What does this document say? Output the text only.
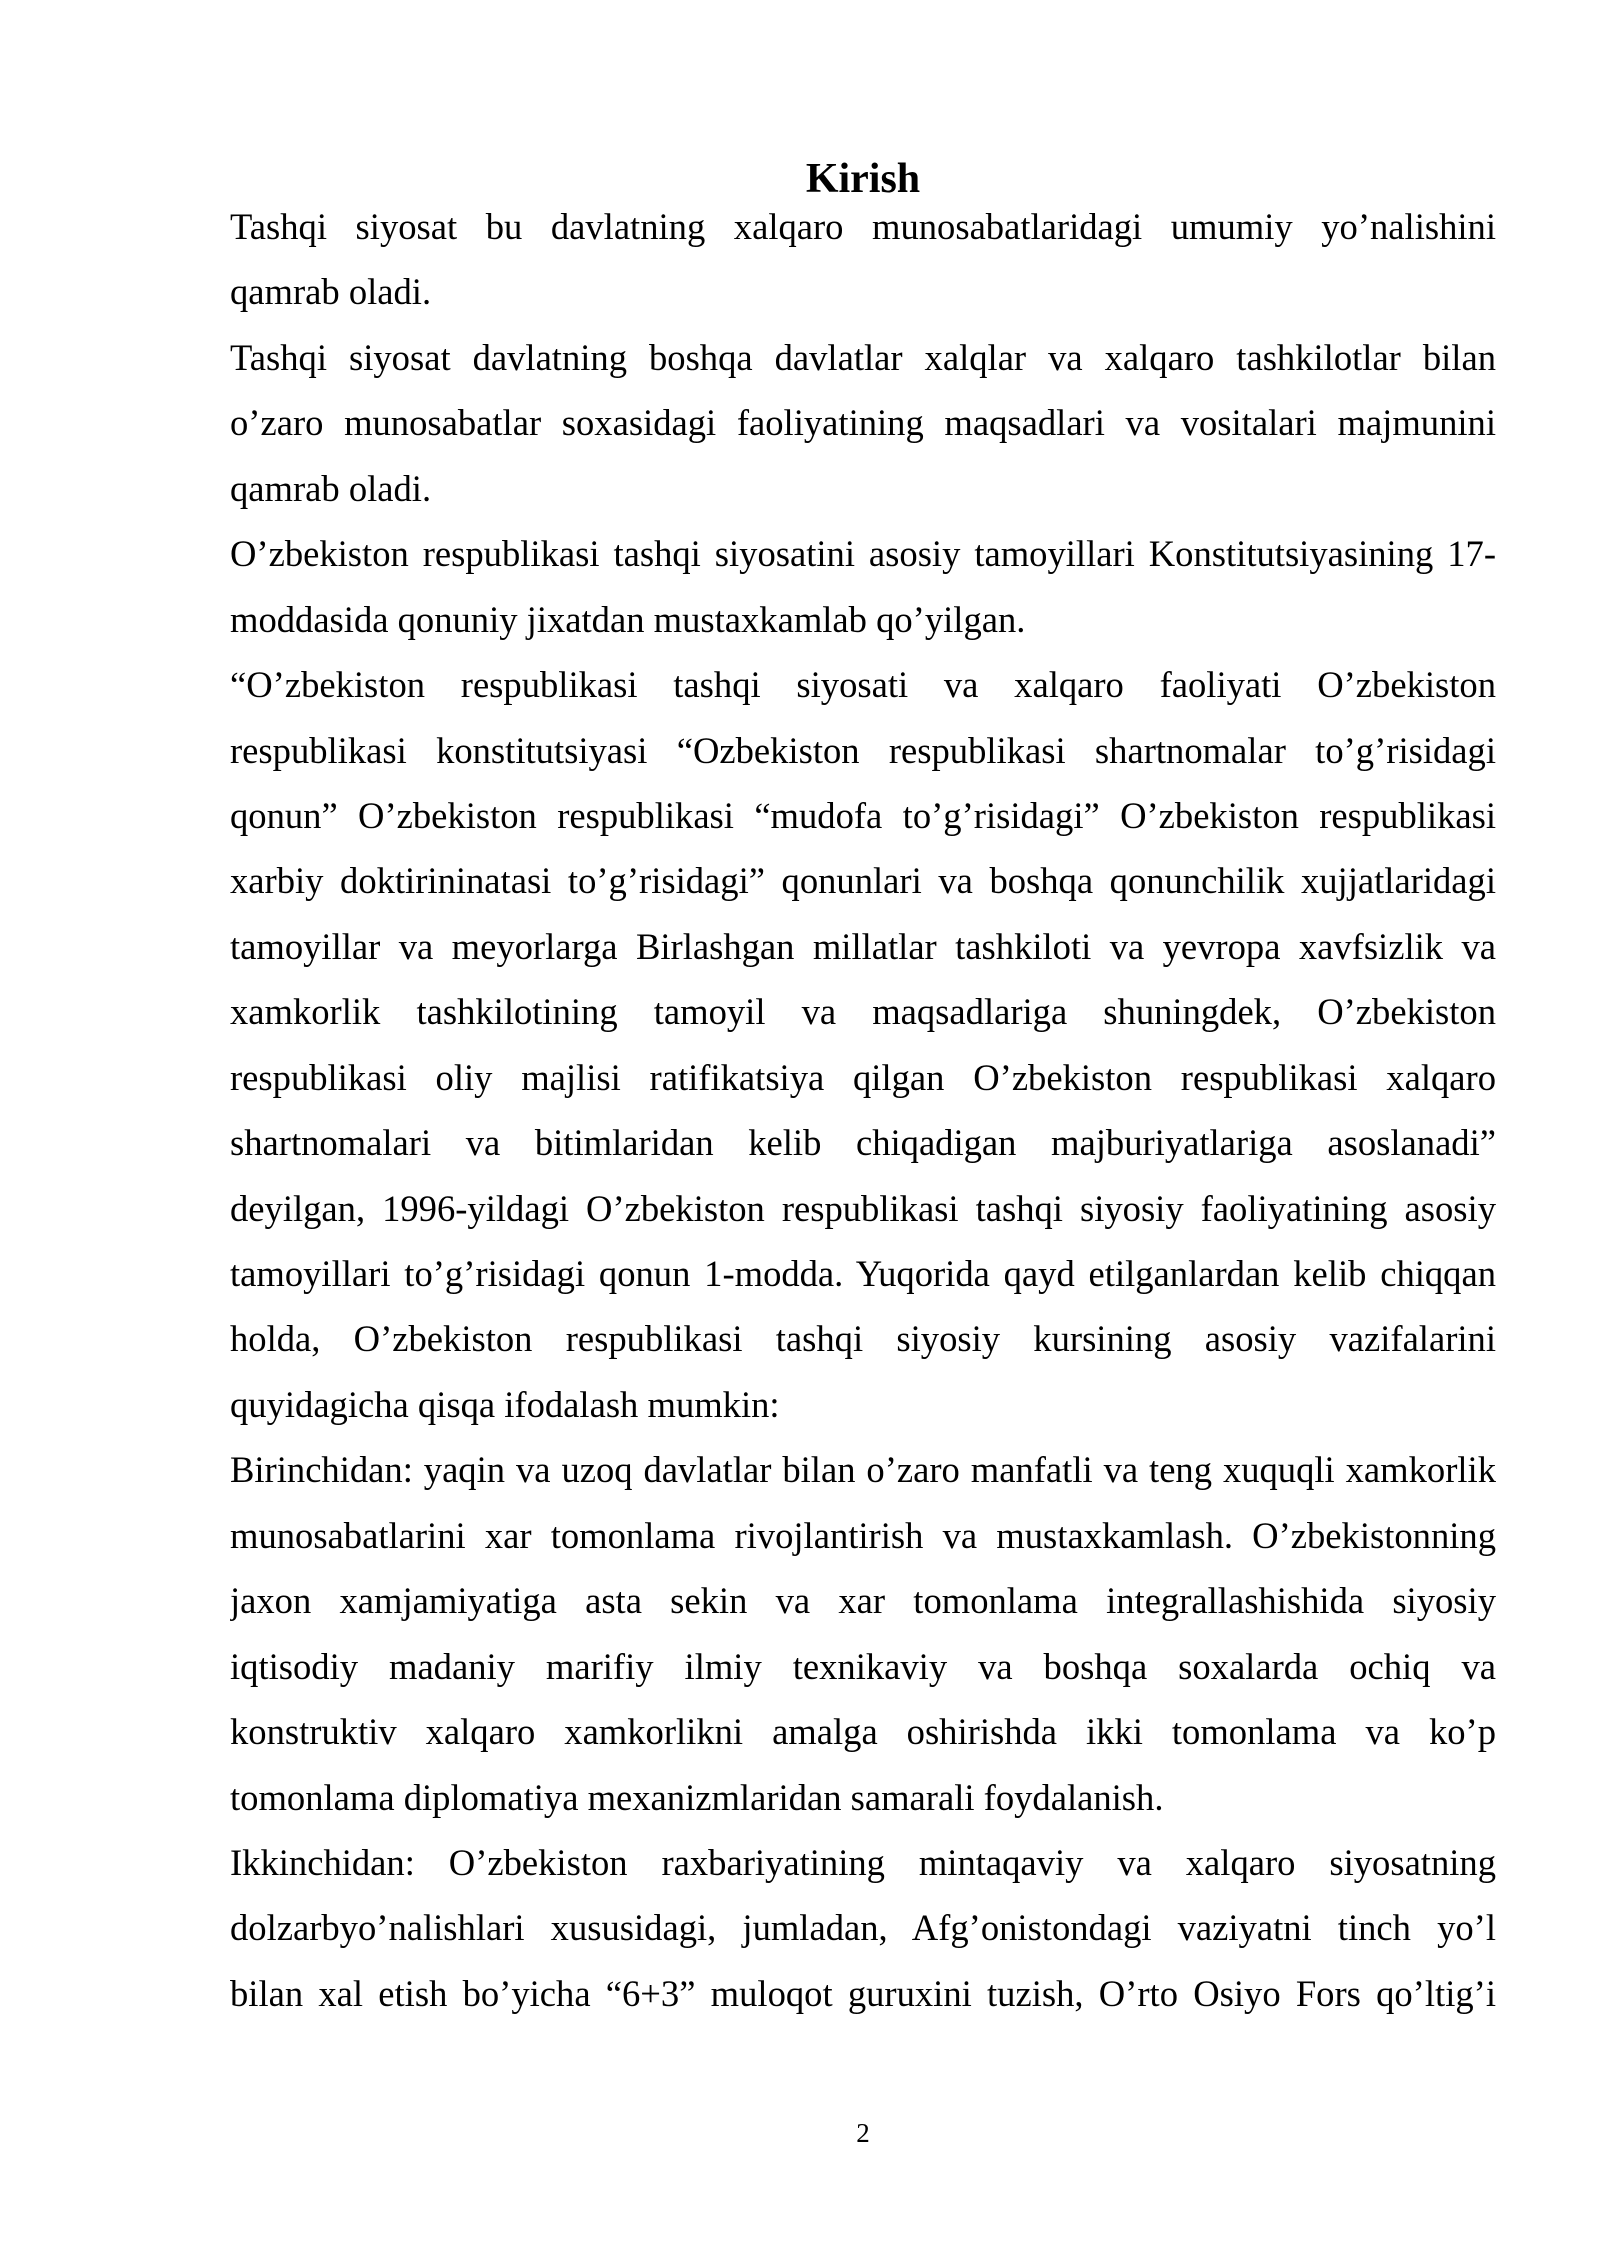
Kirish
Tashqi siyosat bu davlatning xalqaro munosabatlaridagi umumiy yo’nalishini
qamrab oladi.
Tashqi siyosat davlatning boshqa davlatlar xalqlar va xalqaro tashkilotlar bilan
o’zaro munosabatlar soxasidagi faoliyatining maqsadlari va vositalari majmunini
qamrab oladi.
O’zbekiston respublikasi tashqi siyosatini asosiy tamoyillari Konstitutsiyasining 17-
moddasida qonuniy jixatdan mustaxkamlab qo’yilgan.
“O’zbekiston respublikasi tashqi siyosati va xalqaro faoliyati O’zbekiston
respublikasi konstitutsiyasi “Ozbekiston respublikasi shartnomalar to’g’risidagi
qonun” O’zbekiston respublikasi “mudofa to’g’risidagi” O’zbekiston respublikasi
xarbiy doktirininatasi to’g’risidagi” qonunlari va boshqa qonunchilik xujjatlaridagi
tamoyillar va meyorlarga Birlashgan millatlar tashkiloti va yevropa xavfsizlik va
xamkorlik tashkilotining tamoyil va maqsadlariga shuningdek, O’zbekiston
respublikasi oliy majlisi ratifikatsiya qilgan O’zbekiston respublikasi xalqaro
shartnomalari va bitimlaridan kelib chiqadigan majburiyatlariga asoslanadi”
deyilgan, 1996-yildagi O’zbekiston respublikasi tashqi siyosiy faoliyatining asosiy
tamoyillari to’g’risidagi qonun 1-modda. Yuqorida qayd etilganlardan kelib chiqqan
holda, O’zbekiston respublikasi tashqi siyosiy kursining asosiy vazifalarini
quyidagicha qisqa ifodalash mumkin:
Birinchidan: yaqin va uzoq davlatlar bilan o’zaro manfatli va teng xuquqli xamkorlik
munosabatlarini xar tomonlama rivojlantirish va mustaxkamlash. O’zbekistonning
jaxon xamjamiyatiga asta sekin va xar tomonlama integrallashishida siyosiy
iqtisodiy madaniy marifiy ilmiy texnikaviy va boshqa soxalarda ochiq va
konstruktiv xalqaro xamkorlikni amalga oshirishda ikki tomonlama va ko’p
tomonlama diplomatiya mexanizmlaridan samarali foydalanish.
Ikkinchidan: O’zbekiston raxbariyatining mintaqaviy va xalqaro siyosatning
dolzarbyo’nalishlari xususidagi, jumladan, Afg’onistondagi vaziyatni tinch yo’l
bilan xal etish bo’yicha “6+3” muloqot guruxini tuzish, O’rto Osiyo Fors qo’ltig’i
2
